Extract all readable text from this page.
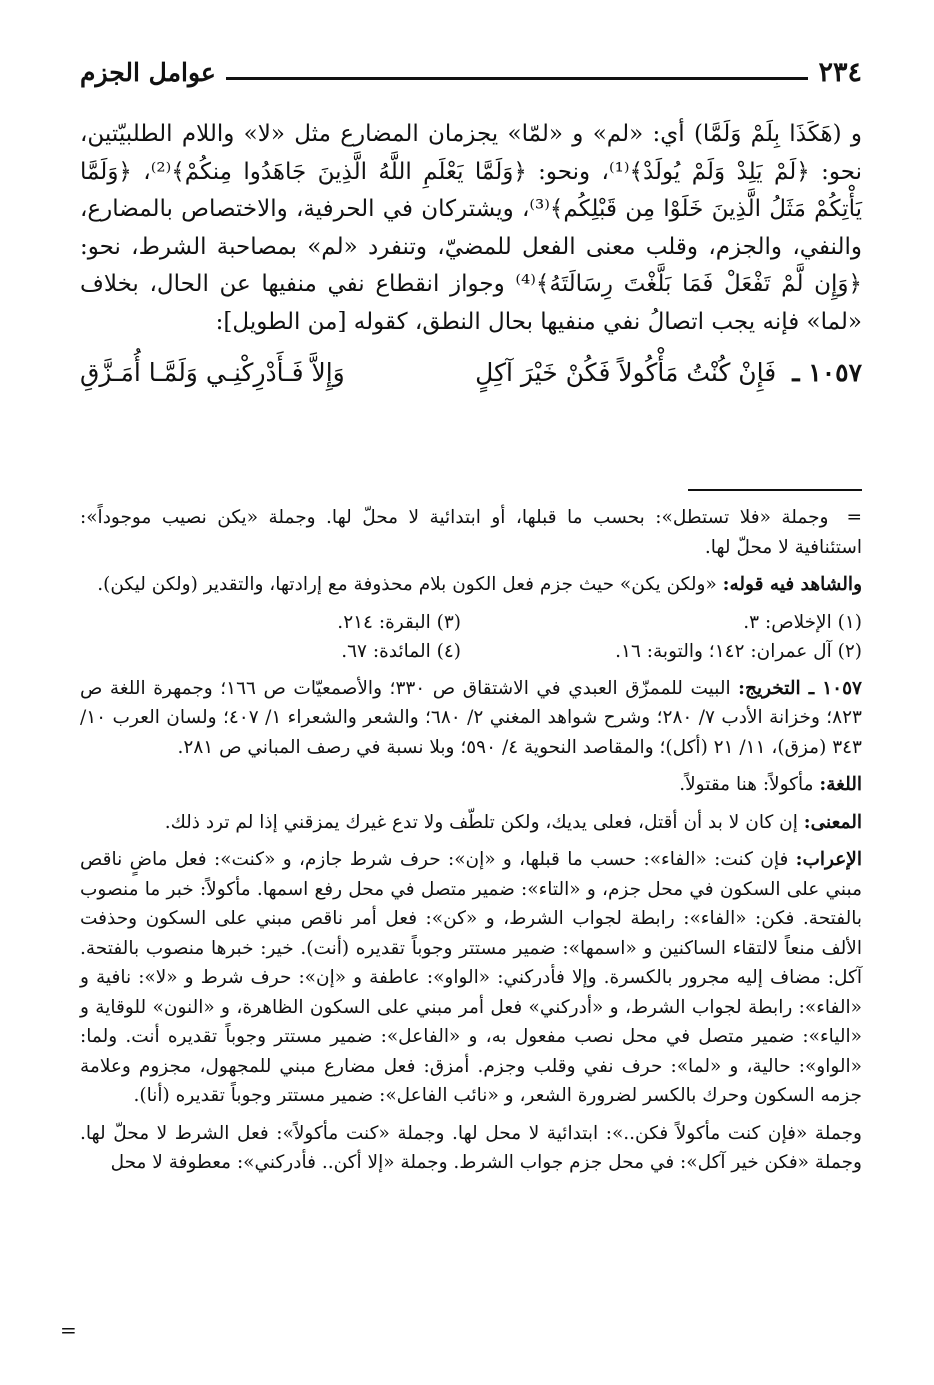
٢٣٤
عوامل الجزم

و (هَكَذَا بِلَمْ وَلَمَّا) أي: «لم» و «لمّا» يجزمان المضارع مثل «لا» واللام الطلبيّتين، نحو: ﴿لَمْ يَلِدْ وَلَمْ يُولَدْ﴾⁽¹⁾، ونحو: ﴿وَلَمَّا يَعْلَمِ اللَّهُ الَّذِينَ جَاهَدُوا مِنكُمْ﴾⁽²⁾، ﴿وَلَمَّا يَأْتِكُمْ مَثَلُ الَّذِينَ خَلَوْا مِن قَبْلِكُم﴾⁽³⁾، ويشتركان في الحرفية، والاختصاص بالمضارع، والنفي، والجزم، وقلب معنى الفعل للمضيّ، وتنفرد «لم» بمصاحبة الشرط، نحو: ﴿وَإِن لَّمْ تَفْعَلْ فَمَا بَلَّغْتَ رِسَالَتَهُ﴾⁽⁴⁾ وجواز انقطاع نفي منفيها عن الحال، بخلاف «لما» فإنه يجب اتصالُ نفي منفيها بحال النطق، كقوله [من الطويل]:

١٠٥٧ ـ
فَإِنْ كُنْتُ مَأْكُولاً فَكُنْ خَيْرَ آكِلٍ
وَإِلاَّ فَـأَدْرِكْنِـي وَلَمَّـا أُمَـزَّقِ

=وجملة «فلا تستطل»: بحسب ما قبلها، أو ابتدائية لا محلّ لها. وجملة «يكن نصيب موجوداً»: استئنافية لا محلّ لها.

والشاهد فيه قوله: «ولكن يكن» حيث جزم فعل الكون بلام محذوفة مع إرادتها، والتقدير (ولكن ليكن).

(١) الإخلاص: ٣.
(٣) البقرة: ٢١٤.
(٢) آل عمران: ١٤٢؛ والتوبة: ١٦.
(٤) المائدة: ٦٧.

١٠٥٧ ـ التخريج: البيت للممزّق العبدي في الاشتقاق ص ٣٣٠؛ والأصمعيّات ص ١٦٦؛ وجمهرة اللغة ص ٨٢٣؛ وخزانة الأدب ٧/ ٢٨٠؛ وشرح شواهد المغني ٢/ ٦٨٠؛ والشعر والشعراء ١/ ٤٠٧؛ ولسان العرب ١٠/ ٣٤٣ (مزق)، ١١/ ٢١ (أكل)؛ والمقاصد النحوية ٤/ ٥٩٠؛ وبلا نسبة في رصف المباني ص ٢٨١.

اللغة: مأكولاً: هنا مقتولاً.

المعنى: إن كان لا بد أن أقتل، فعلى يديك، ولكن تلطّف ولا تدع غيرك يمزقني إذا لم ترد ذلك.

الإعراب: فإن كنت: «الفاء»: حسب ما قبلها، و «إن»: حرف شرط جازم، و «كنت»: فعل ماضٍ ناقص مبني على السكون في محل جزم، و «التاء»: ضمير متصل في محل رفع اسمها. مأكولاً: خبر ما منصوب بالفتحة. فكن: «الفاء»: رابطة لجواب الشرط، و «كن»: فعل أمر ناقص مبني على السكون وحذفت الألف منعاً لالتقاء الساكنين و «اسمها»: ضمير مستتر وجوباً تقديره (أنت). خير: خبرها منصوب بالفتحة. آكل: مضاف إليه مجرور بالكسرة. وإلا فأدركني: «الواو»: عاطفة و «إن»: حرف شرط و «لا»: نافية و «الفاء»: رابطة لجواب الشرط، و «أدركني» فعل أمر مبني على السكون الظاهرة، و «النون» للوقاية و «الياء»: ضمير متصل في محل نصب مفعول به، و «الفاعل»: ضمير مستتر وجوباً تقديره أنت. ولما: «الواو»: حالية، و «لما»: حرف نفي وقلب وجزم. أمزق: فعل مضارع مبني للمجهول، مجزوم وعلامة جزمه السكون وحرك بالكسر لضرورة الشعر، و «نائب الفاعل»: ضمير مستتر وجوباً تقديره (أنا).

وجملة «فإن كنت مأكولاً فكن..»: ابتدائية لا محل لها. وجملة «كنت مأكولاً»: فعل الشرط لا محلّ لها. وجملة «فكن خير آكل»: في محل جزم جواب الشرط. وجملة «إلا أكن.. فأدركني»: معطوفة لا محل

=
